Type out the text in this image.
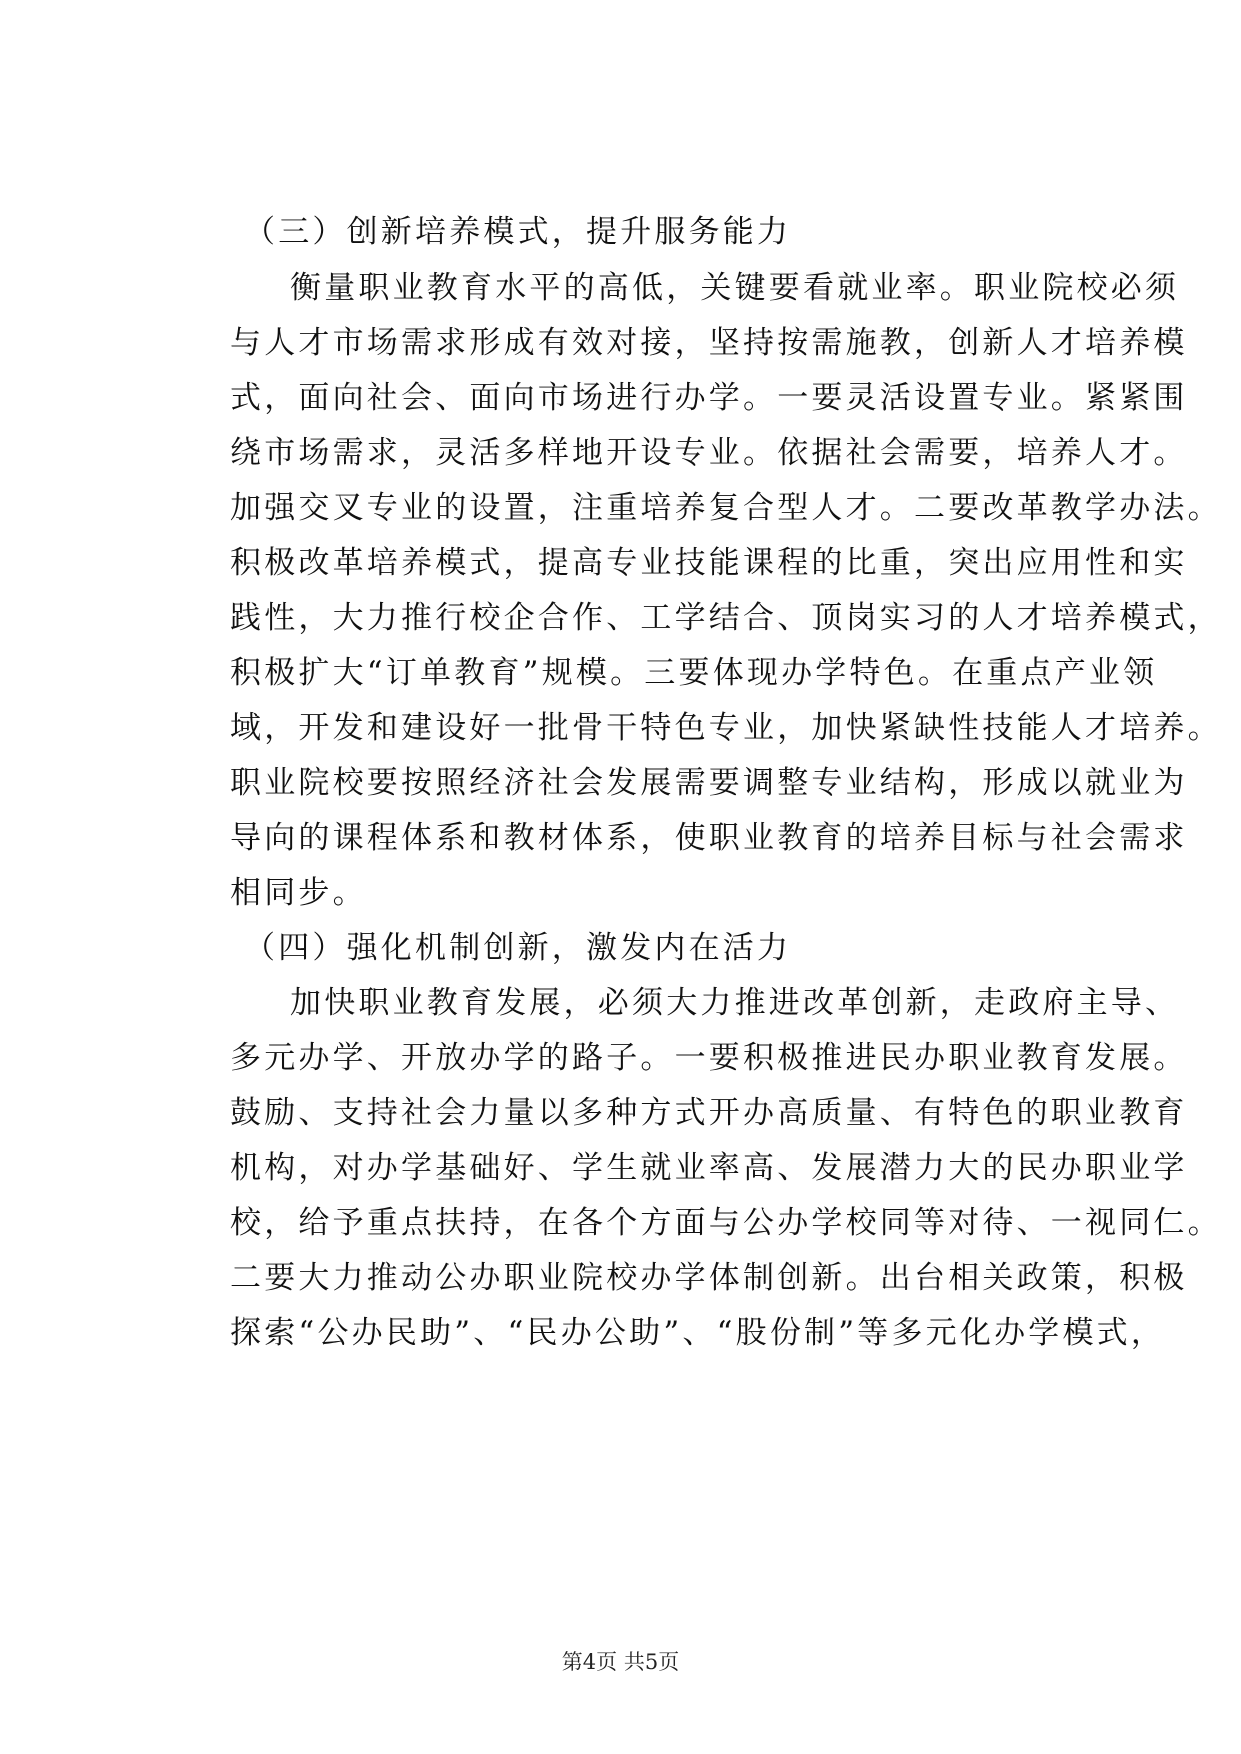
（三）创新培养模式，提升服务能力
衡量职业教育水平的高低，关键要看就业率。职业院校必须
与人才市场需求形成有效对接，坚持按需施教，创新人才培养模
式，面向社会、面向市场进行办学。一要灵活设置专业。紧紧围
绕市场需求，灵活多样地开设专业。依据社会需要，培养人才。
加强交叉专业的设置，注重培养复合型人才。二要改革教学办法。
积极改革培养模式，提高专业技能课程的比重，突出应用性和实
践性，大力推行校企合作、工学结合、顶岗实习的人才培养模式，
积极扩大“订单教育”规模。三要体现办学特色。在重点产业领
域，开发和建设好一批骨干特色专业，加快紧缺性技能人才培养。
职业院校要按照经济社会发展需要调整专业结构，形成以就业为
导向的课程体系和教材体系，使职业教育的培养目标与社会需求
相同步。
（四）强化机制创新，激发内在活力
加快职业教育发展，必须大力推进改革创新，走政府主导、
多元办学、开放办学的路子。一要积极推进民办职业教育发展。
鼓励、支持社会力量以多种方式开办高质量、有特色的职业教育
机构，对办学基础好、学生就业率高、发展潜力大的民办职业学
校，给予重点扶持，在各个方面与公办学校同等对待、一视同仁。
二要大力推动公办职业院校办学体制创新。出台相关政策，积极
探索“公办民助”、“民办公助”、“股份制”等多元化办学模式，
第4页 共5页
